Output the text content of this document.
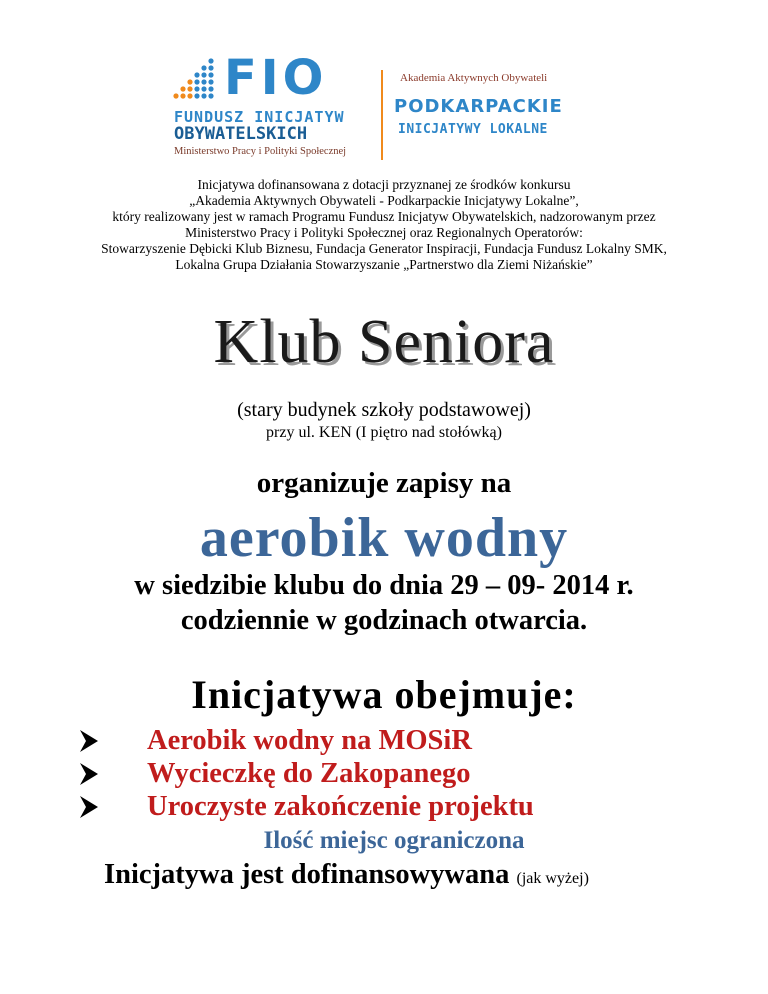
FIO
FUNDUSZ INICJATYW
OBYWATELSKICH
Ministerstwo Pracy i Polityki Społecznej
Akademia Aktywnych Obywateli
PODKARPACKIE
INICJATYWY LOKALNE
Inicjatywa dofinansowana z dotacji przyznanej ze środków konkursu
„Akademia Aktywnych Obywateli - Podkarpackie Inicjatywy Lokalne”,
który realizowany jest w ramach Programu Fundusz Inicjatyw Obywatelskich, nadzorowanym przez
Ministerstwo Pracy i Polityki Społecznej oraz Regionalnych Operatorów:
Stowarzyszenie Dębicki Klub Biznesu, Fundacja Generator Inspiracji, Fundacja Fundusz Lokalny SMK,
Lokalna Grupa Działania Stowarzyszanie „Partnerstwo dla Ziemi Niżańskie”
Klub Seniora
(stary budynek szkoły podstawowej)
przy ul. KEN (I piętro nad stołówką)
organizuje zapisy na
aerobik wodny
w siedzibie klubu do dnia 29 – 09- 2014 r.
codziennie w godzinach otwarcia.
Inicjatywa obejmuje:
Aerobik wodny na MOSiR
Wycieczkę do Zakopanego
Uroczyste zakończenie projektu
Ilość miejsc ograniczona
Inicjatywa jest dofinansowywana (jak wyżej)
